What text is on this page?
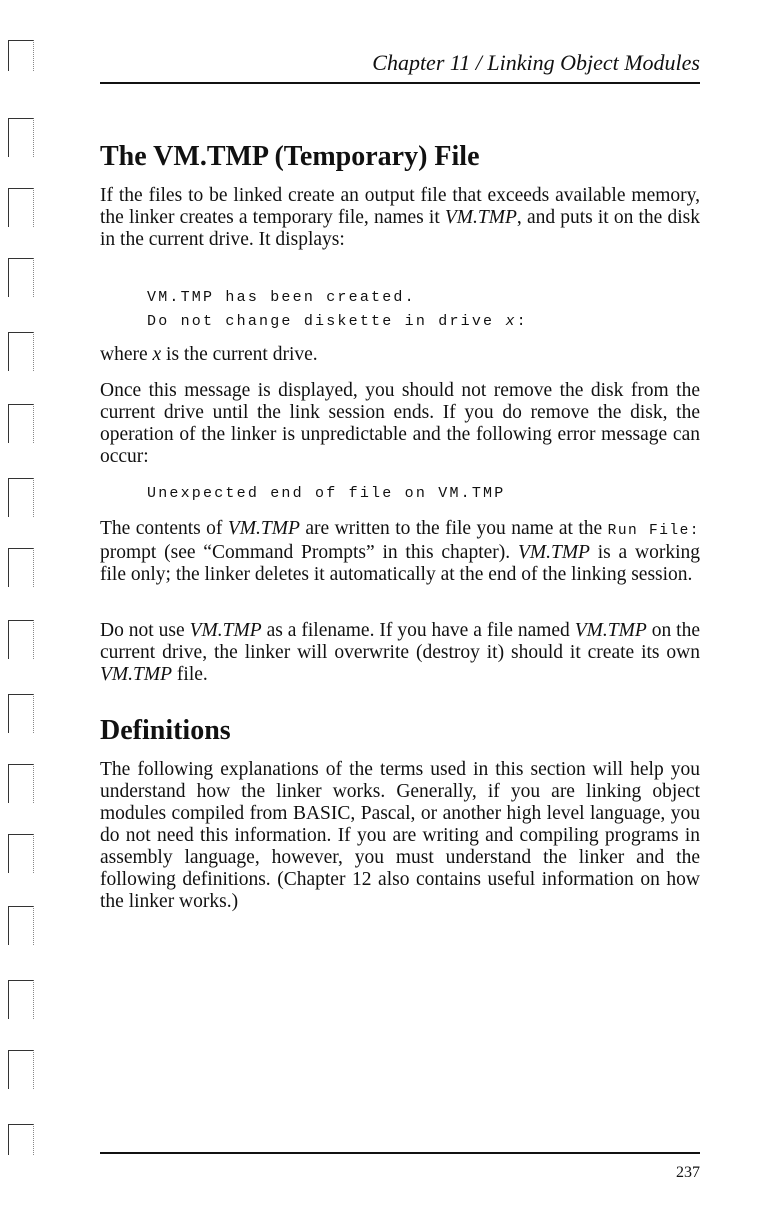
Chapter 11 / Linking Object Modules
The VM.TMP (Temporary) File

If the files to be linked create an output file that exceeds available memory, the linker creates a temporary file, names it VM.TMP, and puts it on the disk in the current drive. It displays:

VM.TMP has been created.
Do not change diskette in drive x:

where x is the current drive.

Once this message is displayed, you should not remove the disk from the current drive until the link session ends. If you do remove the disk, the operation of the linker is unpredictable and the following error message can occur:

Unexpected end of file on VM.TMP

The contents of VM.TMP are written to the file you name at the Run File: prompt (see “Command Prompts” in this chapter). VM.TMP is a working file only; the linker deletes it automatically at the end of the linking session.

Do not use VM.TMP as a filename. If you have a file named VM.TMP on the current drive, the linker will overwrite (destroy it) should it create its own VM.TMP file.

Definitions

The following explanations of the terms used in this section will help you understand how the linker works. Generally, if you are linking object modules compiled from BASIC, Pascal, or another high level language, you do not need this information. If you are writing and compiling programs in assembly language, however, you must understand the linker and the following definitions. (Chapter 12 also contains useful information on how the linker works.)

237
